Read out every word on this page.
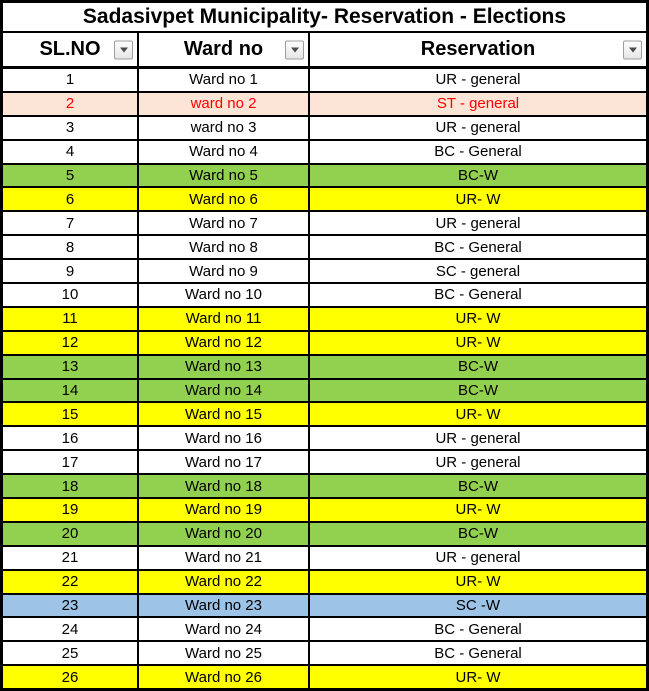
Sadasivpet Municipality- Reservation - Elections
SL.NO	Ward no	Reservation
1	Ward no 1	UR - general
2	ward no 2	ST - general
3	ward no 3	UR - general
4	Ward no 4	BC - General
5	Ward no 5	BC-W
6	Ward no 6	UR- W
7	Ward no 7	UR - general
8	Ward no 8	BC - General
9	Ward no 9	SC - general
10	Ward no 10	BC - General
11	Ward no 11	UR- W
12	Ward no 12	UR- W
13	Ward no 13	BC-W
14	Ward no 14	BC-W
15	Ward no 15	UR- W
16	Ward no 16	UR - general
17	Ward no 17	UR - general
18	Ward no 18	BC-W
19	Ward no 19	UR- W
20	Ward no 20	BC-W
21	Ward no 21	UR - general
22	Ward no 22	UR- W
23	Ward no 23	SC -W
24	Ward no 24	BC - General
25	Ward no 25	BC - General
26	Ward no 26	UR- W
